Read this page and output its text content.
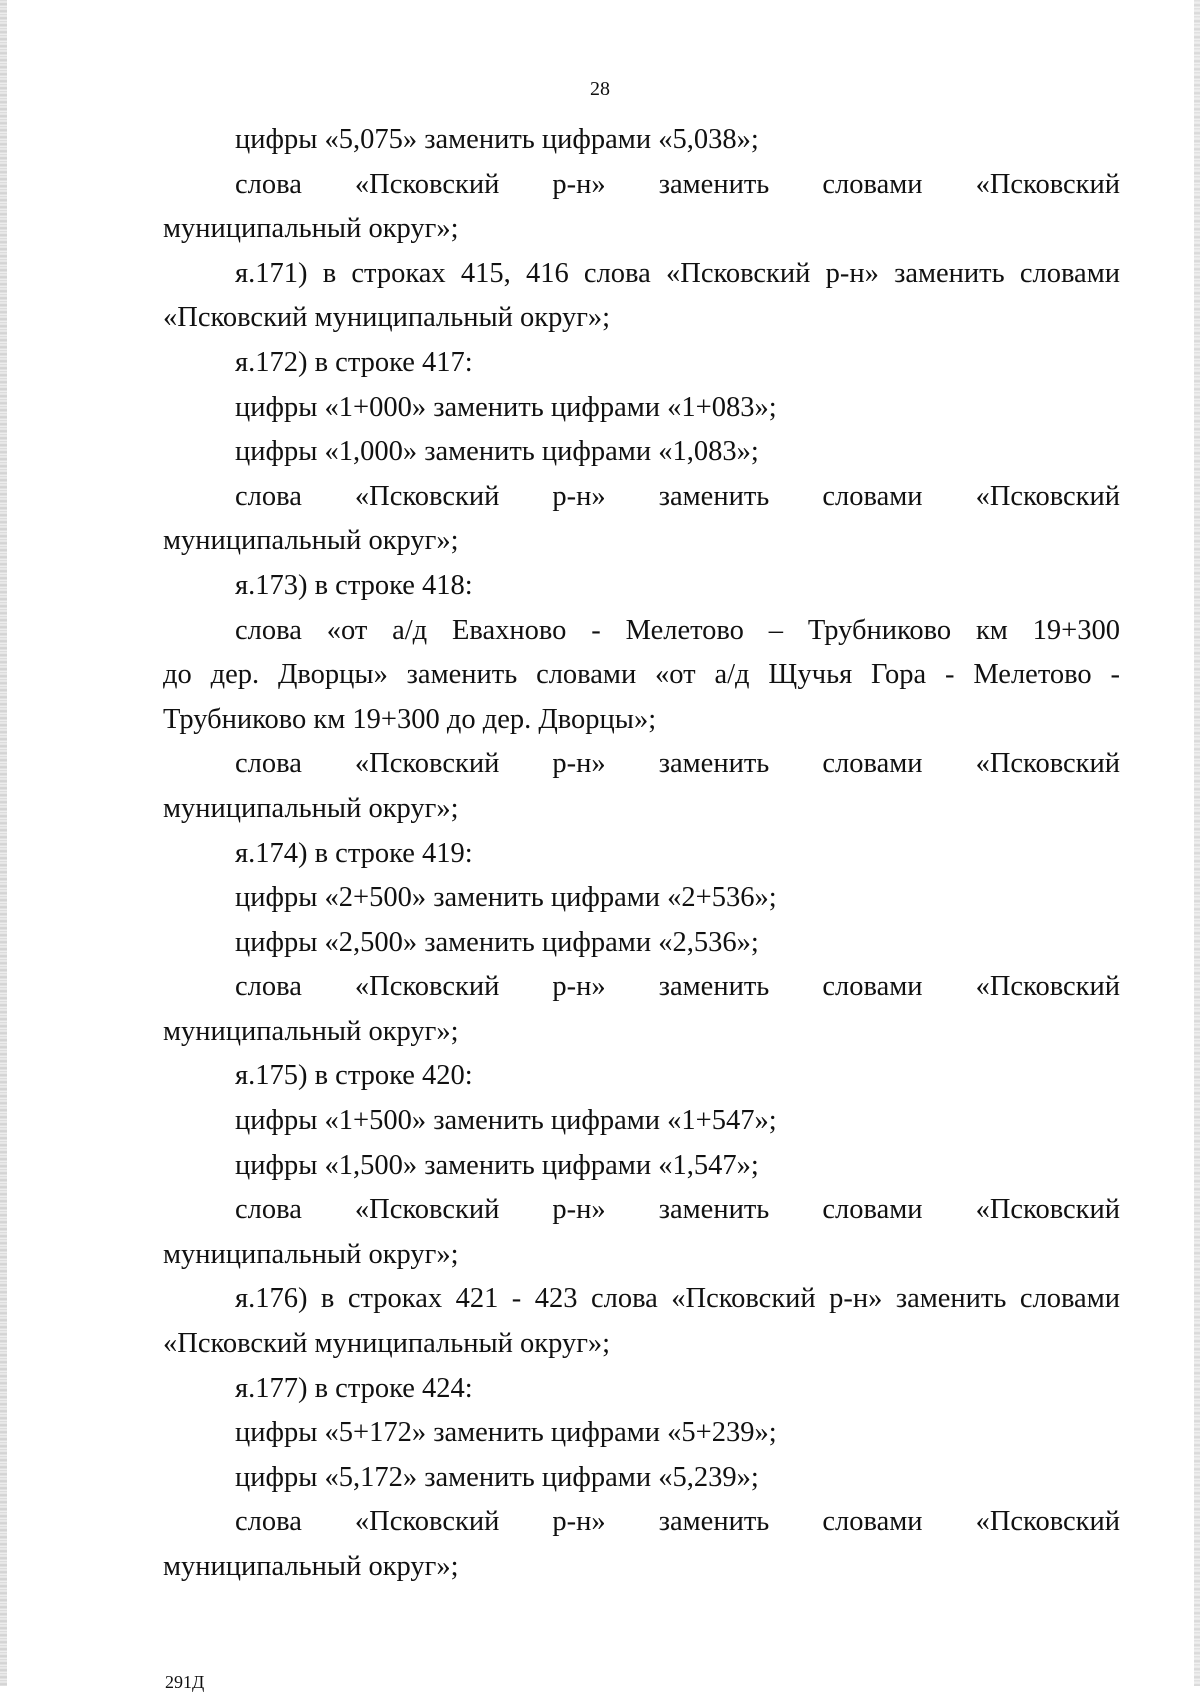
28
цифры «5,075» заменить цифрами «5,038»;
слова «Псковский р-н» заменить словами «Псковский
муниципальный округ»;
я.171) в строках 415, 416 слова «Псковский р-н» заменить словами
«Псковский муниципальный округ»;
я.172) в строке 417:
цифры «1+000» заменить цифрами «1+083»;
цифры «1,000» заменить цифрами «1,083»;
слова «Псковский р-н» заменить словами «Псковский
муниципальный округ»;
я.173) в строке 418:
слова «от а/д Евахново - Мелетово – Трубниково км 19+300
до дер. Дворцы» заменить словами «от а/д Щучья Гора - Мелетово -
Трубниково км 19+300 до дер. Дворцы»;
слова «Псковский р-н» заменить словами «Псковский
муниципальный округ»;
я.174) в строке 419:
цифры «2+500» заменить цифрами «2+536»;
цифры «2,500» заменить цифрами «2,536»;
слова «Псковский р-н» заменить словами «Псковский
муниципальный округ»;
я.175) в строке 420:
цифры «1+500» заменить цифрами «1+547»;
цифры «1,500» заменить цифрами «1,547»;
слова «Псковский р-н» заменить словами «Псковский
муниципальный округ»;
я.176) в строках 421 - 423 слова «Псковский р-н» заменить словами
«Псковский муниципальный округ»;
я.177) в строке 424:
цифры «5+172» заменить цифрами «5+239»;
цифры «5,172» заменить цифрами «5,239»;
слова «Псковский р-н» заменить словами «Псковский
муниципальный округ»;
291Д
